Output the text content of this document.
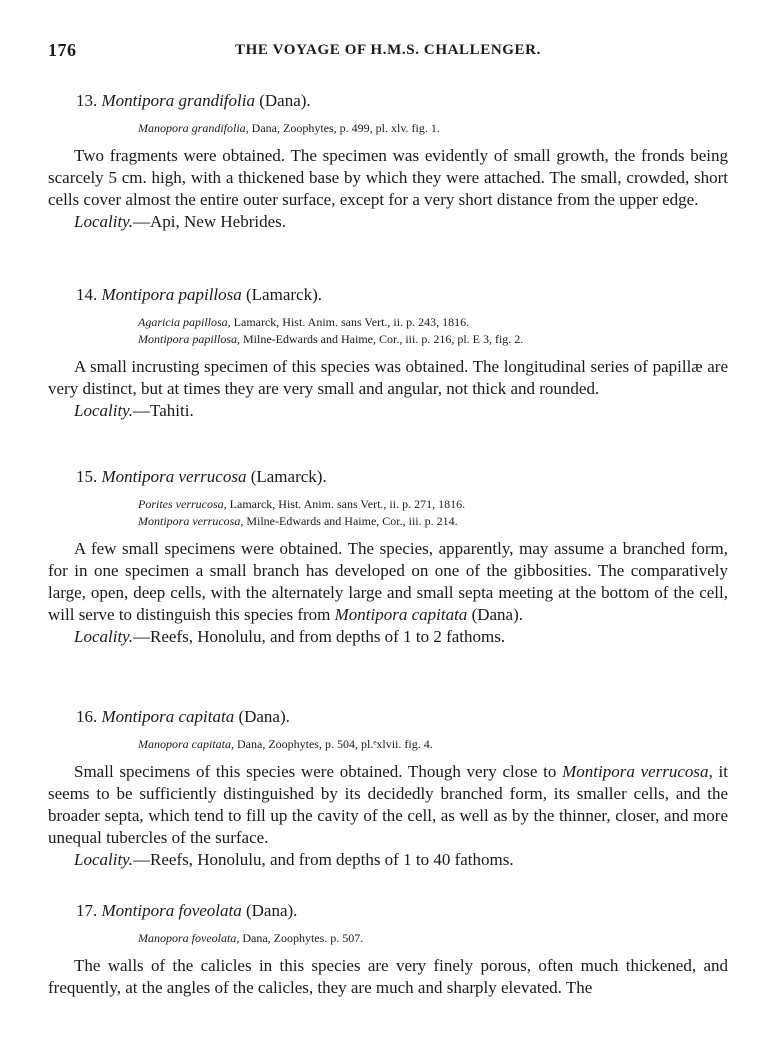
176	THE VOYAGE OF H.M.S. CHALLENGER.

13. Montipora grandifolia (Dana).

Manopora grandifolia, Dana, Zoophytes, p. 499, pl. xlv. fig. 1.

Two fragments were obtained. The specimen was evidently of small growth, the fronds being scarcely 5 cm. high, with a thickened base by which they were attached. The small, crowded, short cells cover almost the entire outer surface, except for a very short distance from the upper edge.

Locality.—Api, New Hebrides.

14. Montipora papillosa (Lamarck).

Agaricia papillosa, Lamarck, Hist. Anim. sans Vert., ii. p. 243, 1816.
Montipora papillosa, Milne-Edwards and Haime, Cor., iii. p. 216, pl. E 3, fig. 2.

A small incrusting specimen of this species was obtained. The longitudinal series of papillæ are very distinct, but at times they are very small and angular, not thick and rounded.

Locality.—Tahiti.

15. Montipora verrucosa (Lamarck).

Porites verrucosa, Lamarck, Hist. Anim. sans Vert., ii. p. 271, 1816.
Montipora verrucosa, Milne-Edwards and Haime, Cor., iii. p. 214.

A few small specimens were obtained. The species, apparently, may assume a branched form, for in one specimen a small branch has developed on one of the gibbosities. The comparatively large, open, deep cells, with the alternately large and small septa meeting at the bottom of the cell, will serve to distinguish this species from Montipora capitata (Dana).

Locality.—Reefs, Honolulu, and from depths of 1 to 2 fathoms.

16. Montipora capitata (Dana).

Manopora capitata, Dana, Zoophytes, p. 504, pl.ᵉxlvii. fig. 4.

Small specimens of this species were obtained. Though very close to Montipora verrucosa, it seems to be sufficiently distinguished by its decidedly branched form, its smaller cells, and the broader septa, which tend to fill up the cavity of the cell, as well as by the thinner, closer, and more unequal tubercles of the surface.

Locality.—Reefs, Honolulu, and from depths of 1 to 40 fathoms.

17. Montipora foveolata (Dana).

Manopora foveolata, Dana, Zoophytes. p. 507.

The walls of the calicles in this species are very finely porous, often much thickened, and frequently, at the angles of the calicles, they are much and sharply elevated. The
